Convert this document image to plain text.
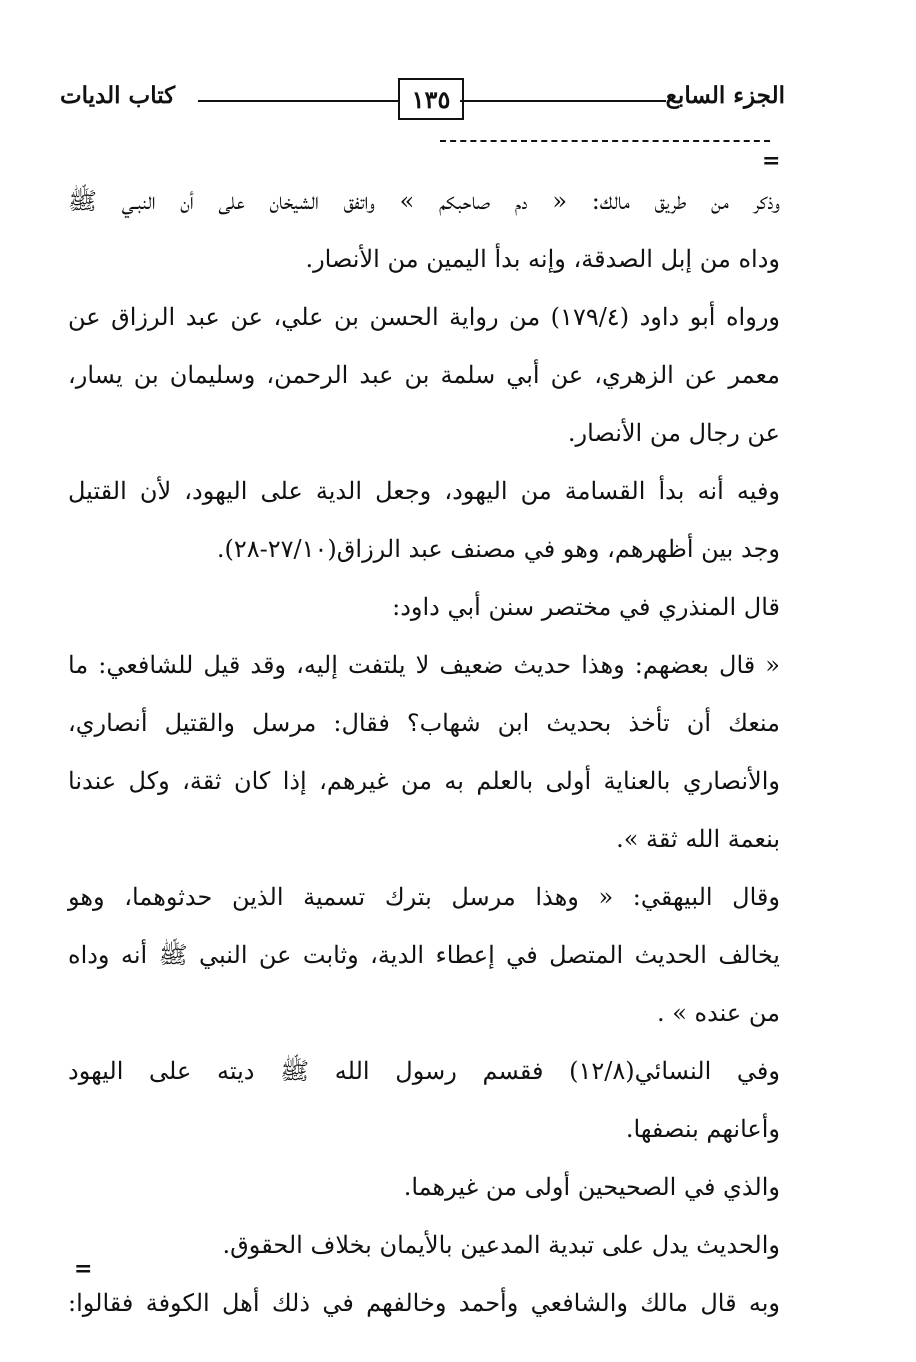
كتاب الديات	١٣٥	الجزء السابع
=
وذكر من طريق مالك: « دم صاحبكم » واتفق الشيخان على أن النبـي ﷺ
وداه من إبل الصدقة، وإنه بدأ اليمين من الأنصار.
ورواه أبو داود (١٧٩/٤) من رواية الحسن بن علي، عن عبد الرزاق عن
معمر عن الزهري، عن أبي سلمة بن عبد الرحمن، وسليمان بن يسار،
عن رجال من الأنصار.
وفيه أنه بدأ القسامة من اليهود، وجعل الدية على اليهود، لأن القتيل
وجد بين أظهرهم، وهو في مصنف عبد الرزاق(٢٧/١٠-٢٨).
قال المنذري في مختصر سنن أبي داود:
« قال بعضهم: وهذا حديث ضعيف لا يلتفت إليه، وقد قيل للشافعي: ما
منعك أن تأخذ بحديث ابن شهاب؟ فقال: مرسل والقتيل أنصاري،
والأنصاري بالعناية أولى بالعلم به من غيرهم، إذا كان ثقة، وكل عندنا
بنعمة الله ثقة ».
وقال البيهقي: « وهذا مرسل بترك تسمية الذين حدثوهما، وهو
يخالف الحديث المتصل في إعطاء الدية، وثابت عن النبي ﷺ أنه وداه
من عنده » .
وفي النسائي(١٢/٨) فقسم رسول الله ﷺ ديته على اليهود
وأعانهم بنصفها.
والذي في الصحيحين أولى من غيرهما.
والحديث يدل على تبدية المدعين بالأيمان بخلاف الحقوق.
وبه قال مالك والشافعي وأحمد وخالفهم في ذلك أهل الكوفة فقالوا:
=
